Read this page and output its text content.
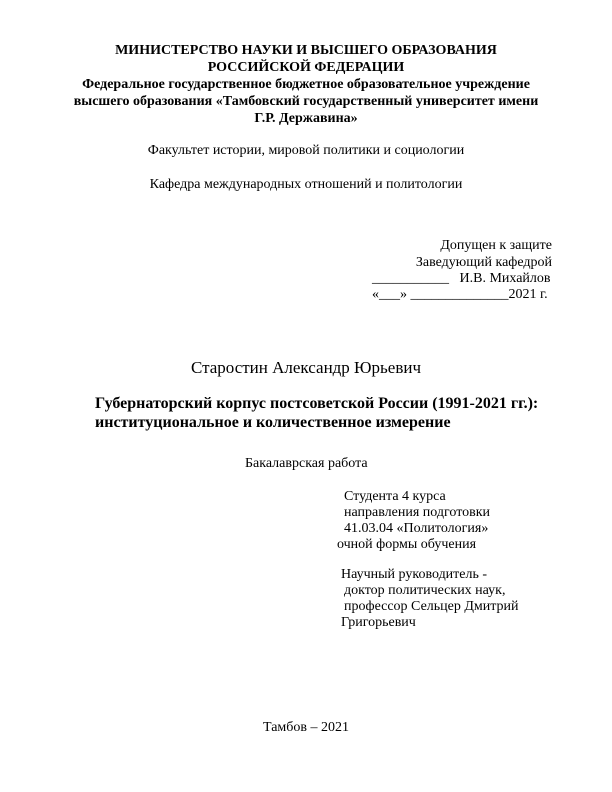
МИНИСТЕРСТВО НАУКИ И ВЫСШЕГО ОБРАЗОВАНИЯ
РОССИЙСКОЙ ФЕДЕРАЦИИ
Федеральное государственное бюджетное образовательное учреждение
высшего образования «Тамбовский государственный университет имени
Г.Р. Державина»
Факультет истории, мировой политики и социологии
Кафедра международных отношений и политологии
Допущен к защите
Заведующий кафедрой
___________   И.В. Михайлов
«___» ______________2021 г.
Старостин Александр Юрьевич
Губернаторский корпус постсоветской России (1991-2021 гг.):
институциональное и количественное измерение
Бакалаврская работа
Студента 4 курса
направления подготовки
41.03.04 «Политология»
очной формы обучения
Научный руководитель -
доктор политических наук,
профессор Сельцер Дмитрий
Григорьевич
Тамбов – 2021
